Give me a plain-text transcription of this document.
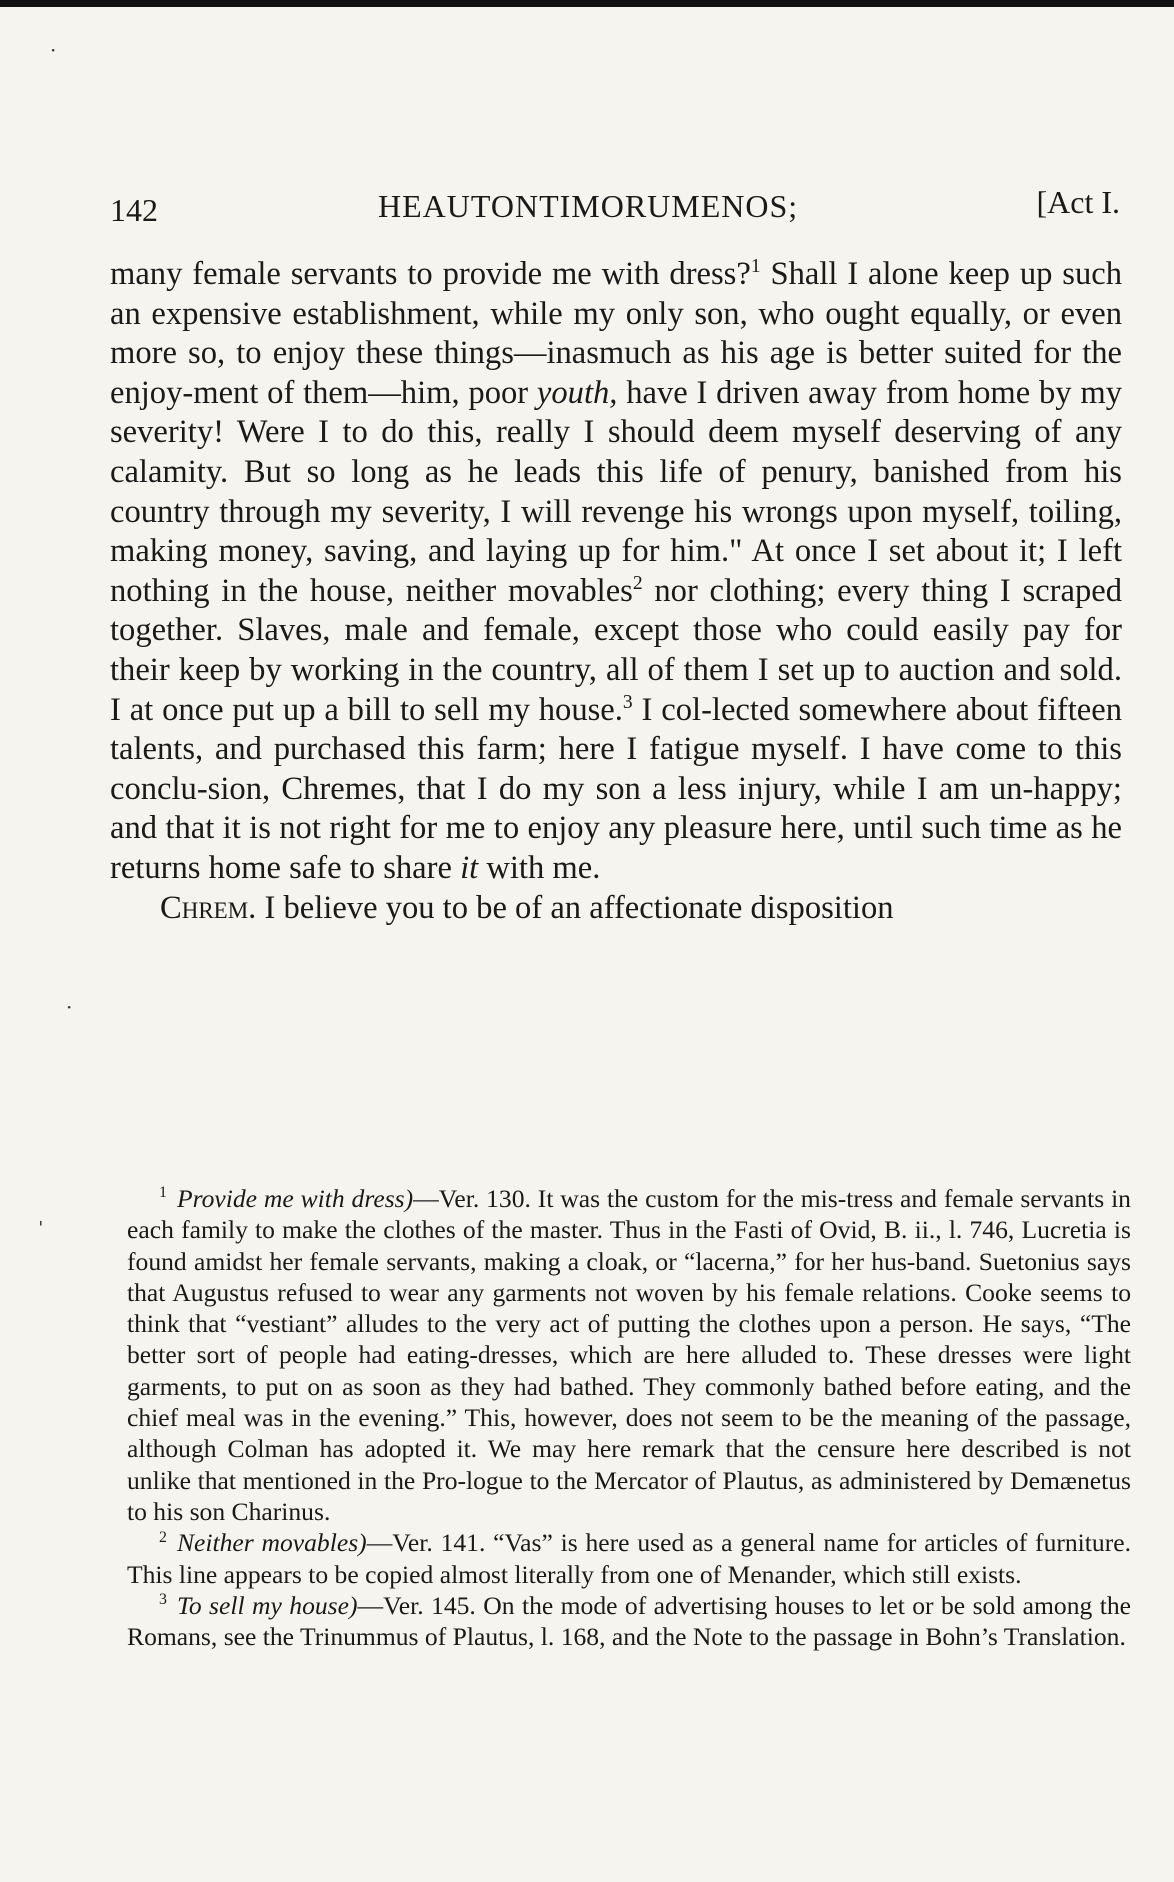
·
·
ˈ
142	HEAUTONTIMORUMENOS;	[Act I.

many female servants to provide me with dress?$^1$ Shall I alone keep up such an expensive establishment, while my only son, who ought equally, or even more so, to enjoy these things—inasmuch as his age is better suited for the enjoy-ment of them—him, poor youth, have I driven away from home by my severity! Were I to do this, really I should deem myself deserving of any calamity. But so long as he leads this life of penury, banished from his country through my severity, I will revenge his wrongs upon myself, toiling, making money, saving, and laying up for him." At once I set about it; I left nothing in the house, neither movables$^2$ nor clothing; every thing I scraped together. Slaves, male and female, except those who could easily pay for their keep by working in the country, all of them I set up to auction and sold. I at once put up a bill to sell my house.$^3$ I col-lected somewhere about fifteen talents, and purchased this farm; here I fatigue myself. I have come to this conclu-sion, Chremes, that I do my son a less injury, while I am un-happy; and that it is not right for me to enjoy any pleasure here, until such time as he returns home safe to share it with me.

Chrem. I believe you to be of an affectionate disposition

$^1$ Provide me with dress)—Ver. 130. It was the custom for the mis-tress and female servants in each family to make the clothes of the master. Thus in the Fasti of Ovid, B. ii., l. 746, Lucretia is found amidst her female servants, making a cloak, or “lacerna,” for her hus-band. Suetonius says that Augustus refused to wear any garments not woven by his female relations. Cooke seems to think that “vestiant” alludes to the very act of putting the clothes upon a person. He says, “The better sort of people had eating-dresses, which are here alluded to. These dresses were light garments, to put on as soon as they had bathed. They commonly bathed before eating, and the chief meal was in the evening.” This, however, does not seem to be the meaning of the passage, although Colman has adopted it. We may here remark that the censure here described is not unlike that mentioned in the Pro-logue to the Mercator of Plautus, as administered by Demænetus to his son Charinus.

$^2$ Neither movables)—Ver. 141. “Vas” is here used as a general name for articles of furniture. This line appears to be copied almost literally from one of Menander, which still exists.

$^3$ To sell my house)—Ver. 145. On the mode of advertising houses to let or be sold among the Romans, see the Trinummus of Plautus, l. 168, and the Note to the passage in Bohn’s Translation.
